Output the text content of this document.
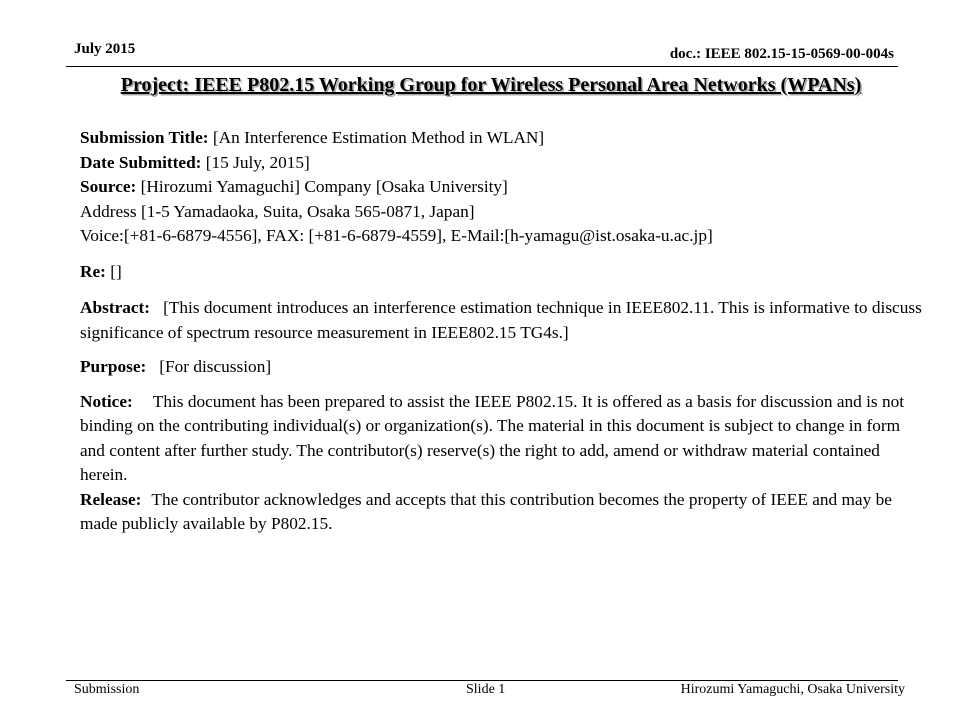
July 2015	doc.: IEEE 802.15-15-0569-00-004s
Project: IEEE P802.15 Working Group for Wireless Personal Area Networks (WPANs)
Submission Title: [An Interference Estimation Method in WLAN]
Date Submitted: [15 July, 2015]
Source: [Hirozumi Yamaguchi] Company [Osaka University]
Address [1-5 Yamadaoka, Suita, Osaka 565-0871, Japan]
Voice:[+81-6-6879-4556], FAX: [+81-6-6879-4559], E-Mail:[h-yamagu@ist.osaka-u.ac.jp]
Re: []
Abstract: [This document introduces an interference estimation technique in IEEE802.11. This is informative to discuss significance of spectrum resource measurement in IEEE802.15 TG4s.]
Purpose: [For discussion]
Notice: This document has been prepared to assist the IEEE P802.15. It is offered as a basis for discussion and is not binding on the contributing individual(s) or organization(s). The material in this document is subject to change in form and content after further study. The contributor(s) reserve(s) the right to add, amend or withdraw material contained herein.
Release: The contributor acknowledges and accepts that this contribution becomes the property of IEEE and may be made publicly available by P802.15.
Submission	Slide 1	Hirozumi Yamaguchi, Osaka University
